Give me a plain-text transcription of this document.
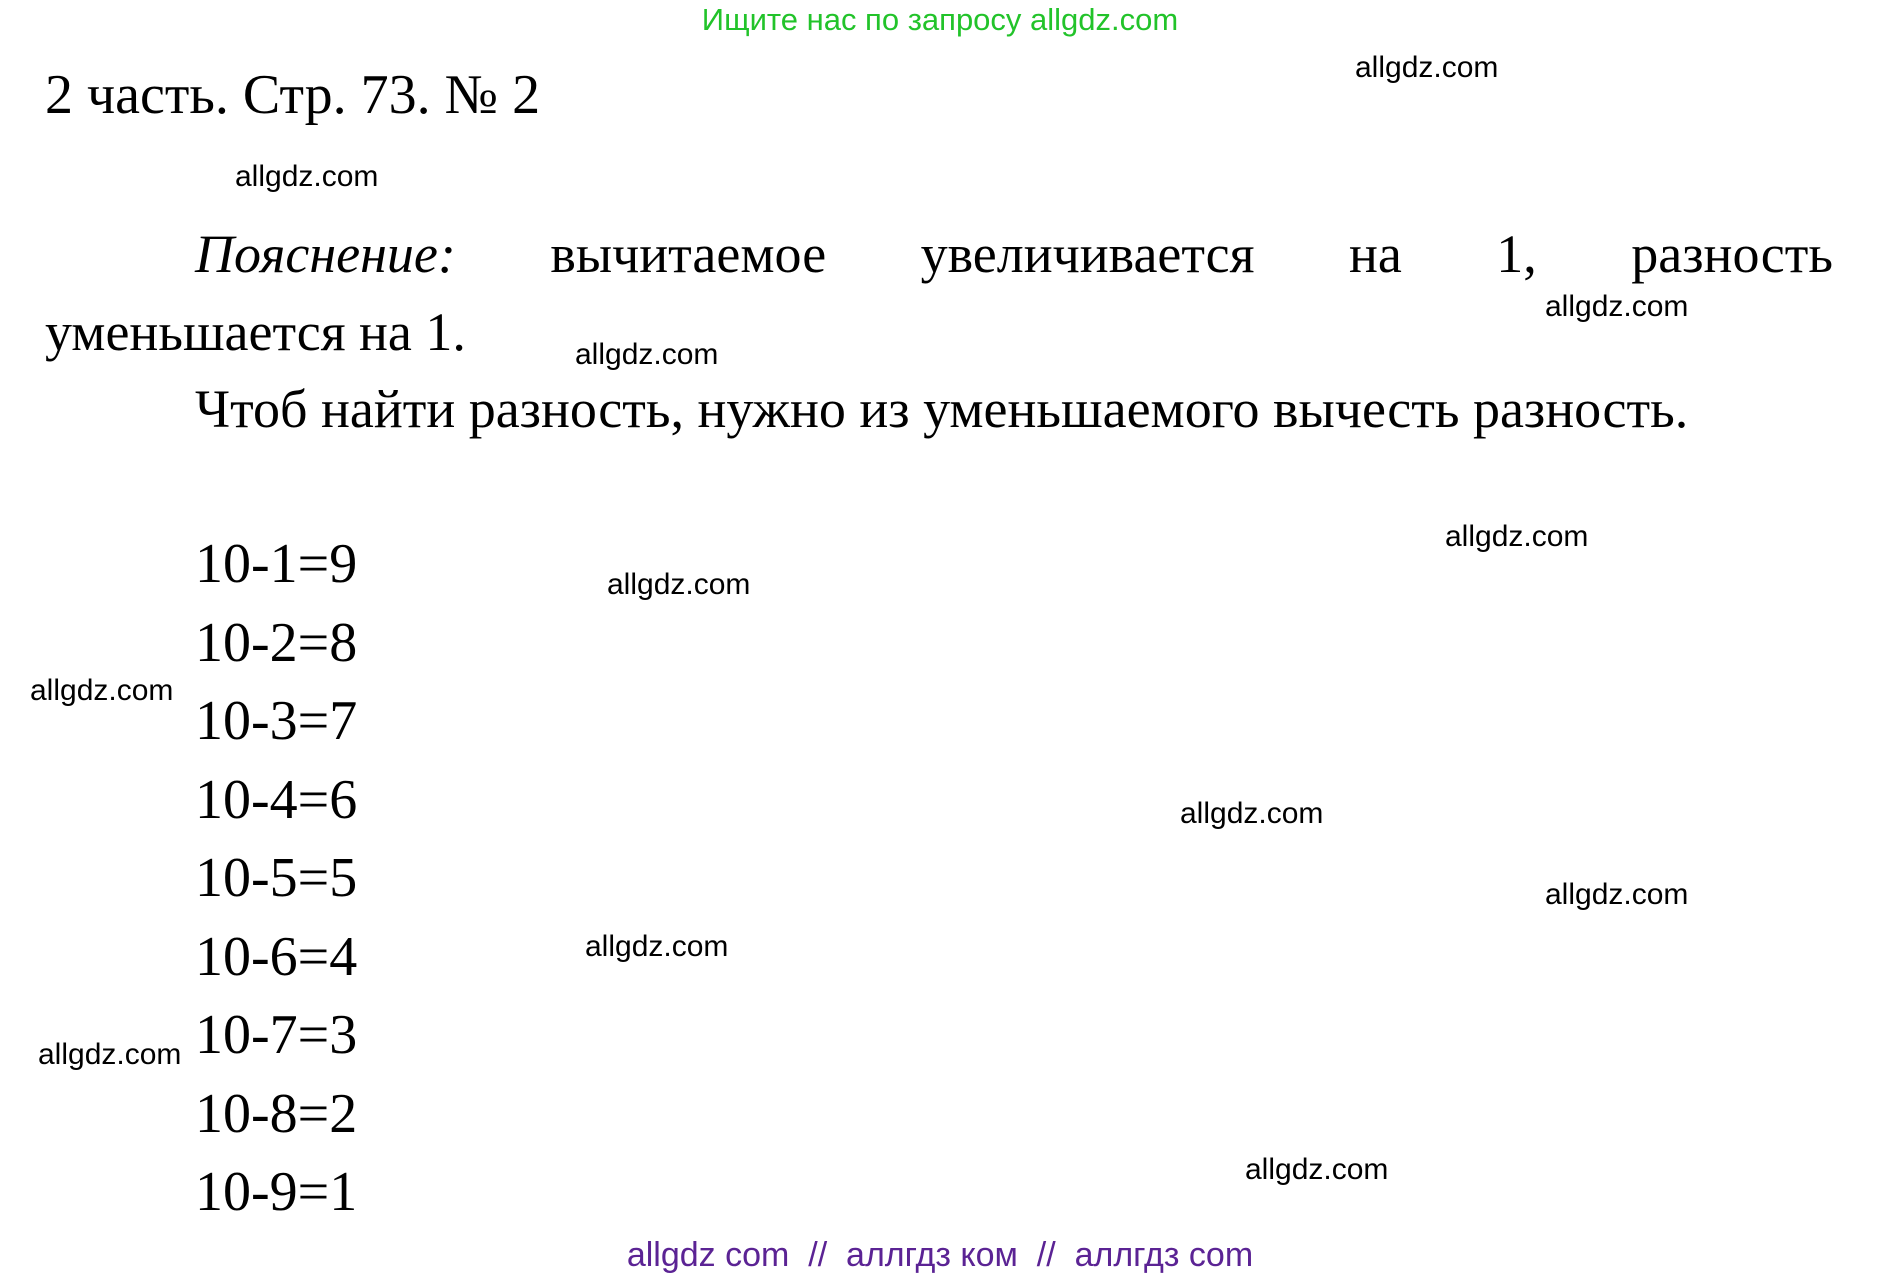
Ищите нас по запросу allgdz.com
2 часть. Стр. 73. № 2
Пояснение: вычитаемое увеличивается на 1, разность
уменьшается на 1.
Чтоб найти разность, нужно из уменьшаемого вычесть разность.
10-1=9
10-2=8
10-3=7
10-4=6
10-5=5
10-6=4
10-7=3
10-8=2
10-9=1
allgdz.com
allgdz.com
allgdz.com
allgdz.com
allgdz.com
allgdz.com
allgdz.com
allgdz.com
allgdz.com
allgdz.com
allgdz.com
allgdz.com
allgdz com  //  аллгдз ком  //  аллгдз com
